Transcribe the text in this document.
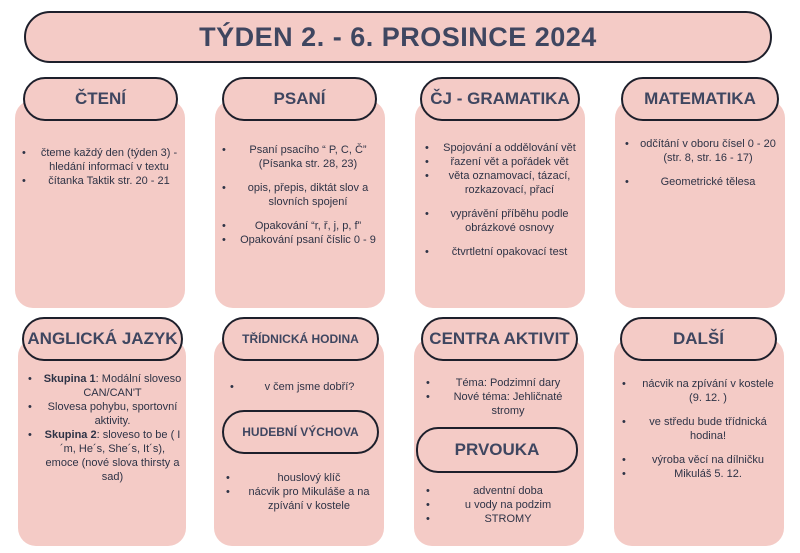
TÝDEN 2. - 6. PROSINCE 2024
ČTENÍ
• čteme každý den (týden 3) - hledání informací v textu
• čítanka Taktik str. 20 - 21
PSANÍ
• Psaní psacího “ P, C, Č” (Písanka str. 28, 23)
• opis, přepis, diktát slov a slovních spojení
• Opakování “r, ř, j, p, f”
• Opakování psaní číslic 0 - 9
ČJ - GRAMATIKA
• Spojování a oddělování vět
• řazení vět a pořádek vět
• věta oznamovací, tázací, rozkazovací, přací
• vyprávění příběhu podle obrázkové osnovy
• čtvrtletní opakovací test
MATEMATIKA
• odčítání v oboru čísel 0 - 20 (str. 8, str. 16 - 17)
• Geometrické tělesa
ANGLICKÁ JAZYK
• Skupina 1: Modální sloveso CAN/CAN'T
• Slovesa pohybu, sportovní aktivity.
• Skupina 2: sloveso to be ( I´m, He´s, She´s, It´s), emoce (nové slova thirsty a sad)
TŘÍDNICKÁ HODINA
• v čem jsme dobří?
HUDEBNÍ VÝCHOVA
• houslový klíč
• nácvik pro Mikuláše a na zpívání v kostele
CENTRA AKTIVIT
• Téma: Podzimní dary
• Nové téma: Jehličnaté stromy
PRVOUKA
• adventní doba
• u vody na podzim
• STROMY
DALŠÍ
• nácvik na zpívání v kostele (9. 12. )
• ve středu bude třídnická hodina!
• výroba věcí na dílničku
• Mikuláš 5. 12.
